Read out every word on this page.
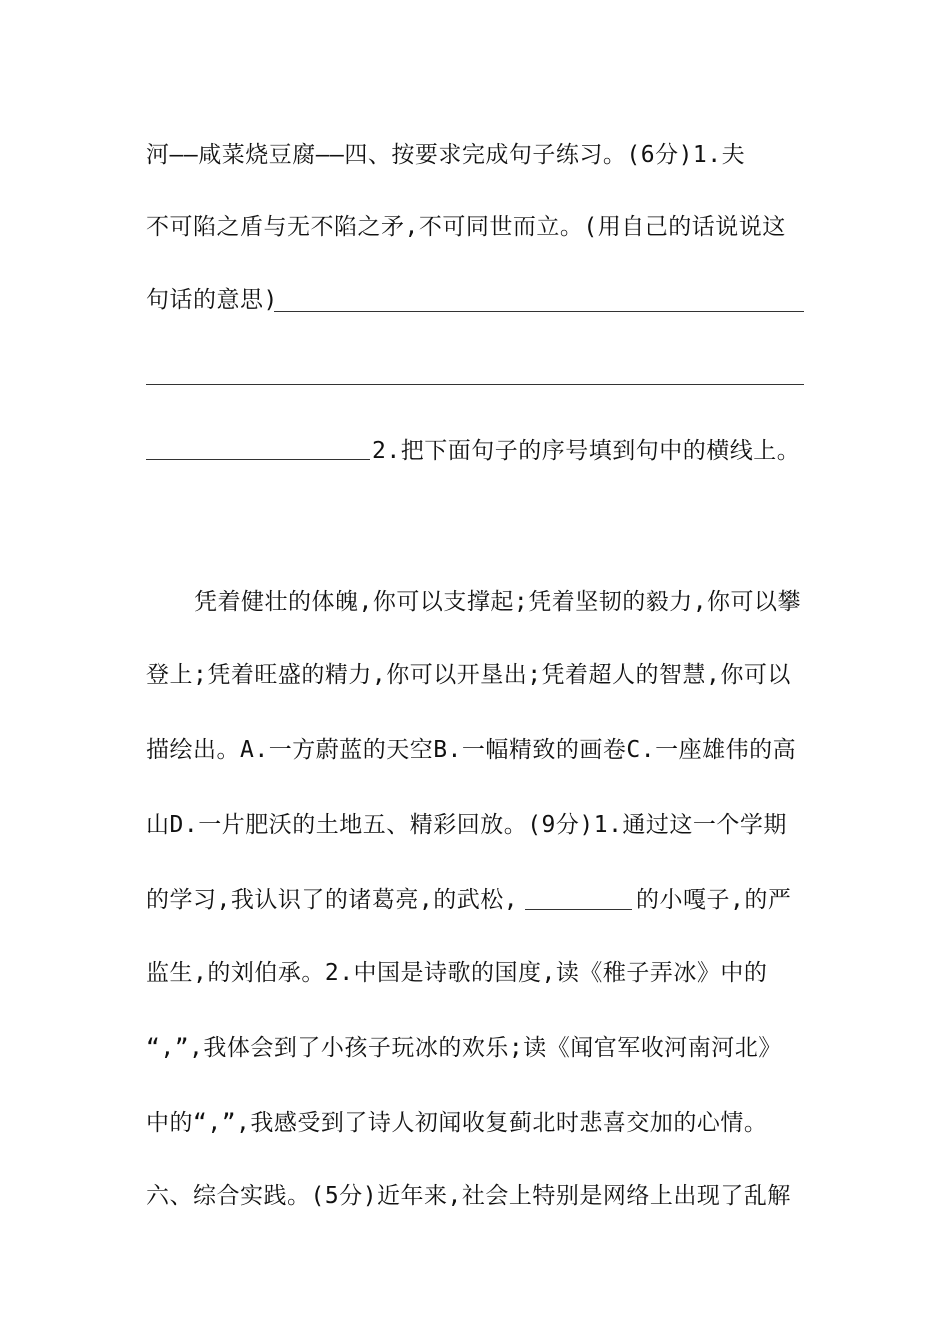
河——咸菜烧豆腐——四、按要求完成句子练习。(6分)1.夫
不可陷之盾与无不陷之矛,不可同世而立。(用自己的话说说这
句话的意思)
2.把下面句子的序号填到句中的横线上。
凭着健壮的体魄,你可以支撑起;凭着坚韧的毅力,你可以攀
登上;凭着旺盛的精力,你可以开垦出;凭着超人的智慧,你可以
描绘出。A.一方蔚蓝的天空B.一幅精致的画卷C.一座雄伟的高
山D.一片肥沃的土地五、精彩回放。(9分)1.通过这一个学期
的学习,我认识了的诸葛亮,的武松,	的小嘎子,的严
监生,的刘伯承。2.中国是诗歌的国度,读《稚子弄冰》中的
“,”,我体会到了小孩子玩冰的欢乐;读《闻官军收河南河北》
中的“,”,我感受到了诗人初闻收复蓟北时悲喜交加的心情。
六、综合实践。(5分)近年来,社会上特别是网络上出现了乱解
